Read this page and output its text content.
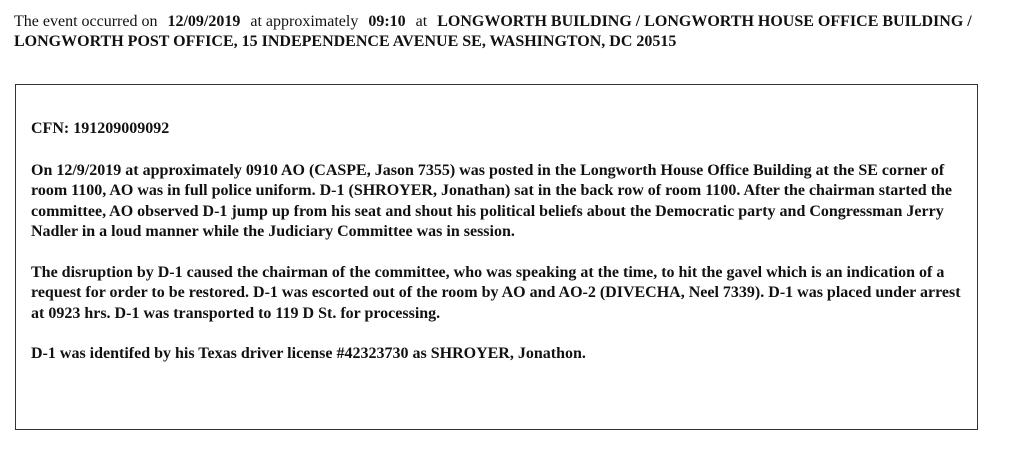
The event occurred on 12/09/2019 at approximately 09:10 at LONGWORTH BUILDING / LONGWORTH HOUSE OFFICE BUILDING / LONGWORTH POST OFFICE, 15 INDEPENDENCE AVENUE SE, WASHINGTON, DC 20515

CFN: 191209009092

On 12/9/2019 at approximately 0910 AO (CASPE, Jason 7355) was posted in the Longworth House Office Building at the SE corner of room 1100, AO was in full police uniform. D-1 (SHROYER, Jonathan) sat in the back row of room 1100. After the chairman started the committee, AO observed D-1 jump up from his seat and shout his political beliefs about the Democratic party and Congressman Jerry Nadler in a loud manner while the Judiciary Committee was in session.

The disruption by D-1 caused the chairman of the committee, who was speaking at the time, to hit the gavel which is an indication of a request for order to be restored. D-1 was escorted out of the room by AO and AO-2 (DIVECHA, Neel 7339). D-1 was placed under arrest at 0923 hrs. D-1 was transported to 119 D St. for processing.

D-1 was identifed by his Texas driver license #42323730 as SHROYER, Jonathon.
